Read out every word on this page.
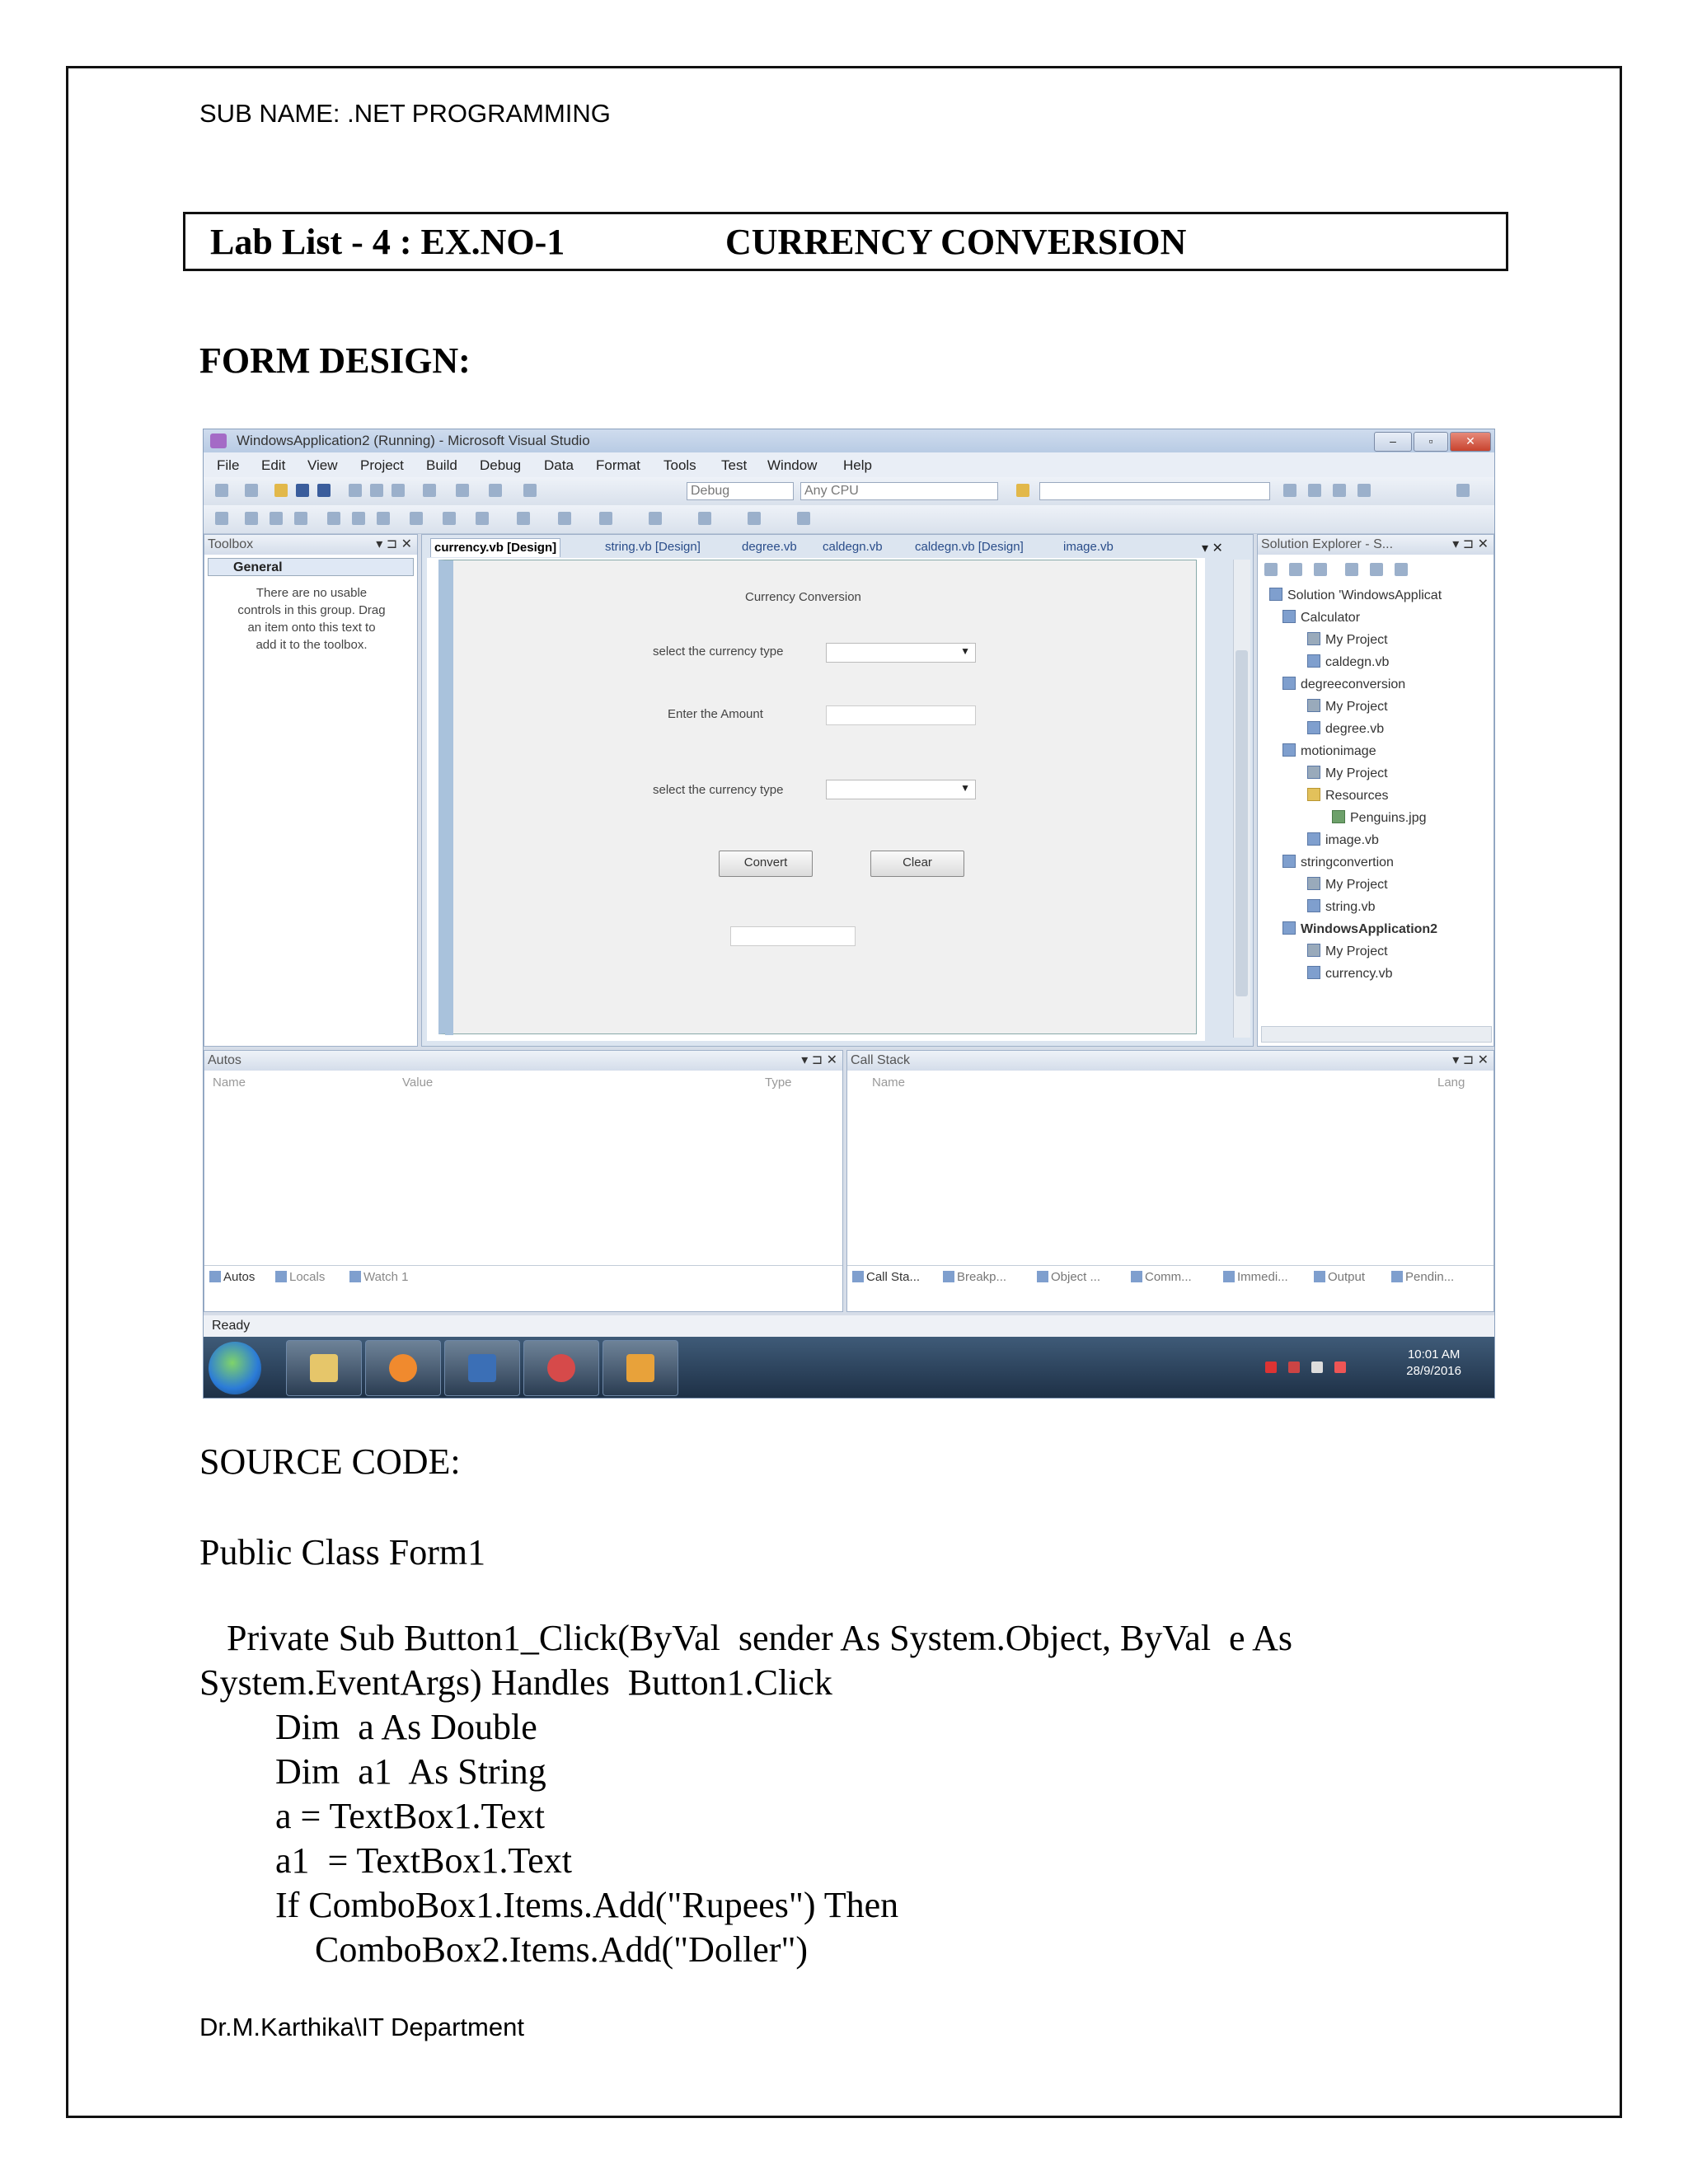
SUB NAME: .NET PROGRAMMING
Lab List - 4 : EX.NO-1	CURRENCY CONVERSION
FORM DESIGN:
WindowsApplication2 (Running) - Microsoft Visual Studio	–	▫	✕
File Edit View Project Build Debug Data Format Tools Test Window Help
Debug	Any CPU
Toolbox	▾ ⊐ ✕
General
There are no usable
controls in this group. Drag
an item onto this text to
add it to the toolbox.
currency.vb [Design]	string.vb [Design]	degree.vb caldegn.vb	caldegn.vb [Design]	image.vb	▾ ✕
Currency Conversion
select the currency type	▼
Enter the Amount
select the currency type	▼
Convert	Clear
Solution Explorer - S...	▾ ⊐ ✕
Solution 'WindowsApplicat
Calculator
My Project
caldegn.vb
degreeconversion
My Project
degree.vb
motionimage
My Project
Resources
Penguins.jpg
image.vb
stringconvertion
My Project
string.vb
WindowsApplication2
My Project
currency.vb
Autos	▾ ⊐ ✕
Name	Value	Type
Autos	Locals	Watch 1
Call Stack	▾ ⊐ ✕
Name	Lang
Call Sta...	Breakp...	Object ...	Comm...	Immedi...	Output	Pendin...
Ready
10:01 AM
28/9/2016
SOURCE CODE:
Public Class Form1
Private Sub Button1_Click(ByVal  sender As System.Object, ByVal  e As
System.EventArgs) Handles  Button1.Click
Dim  a As Double
Dim  a1  As String
a = TextBox1.Text
a1  = TextBox1.Text
If ComboBox1.Items.Add("Rupees") Then
ComboBox2.Items.Add("Doller")
Dr.M.Karthika\IT Department
